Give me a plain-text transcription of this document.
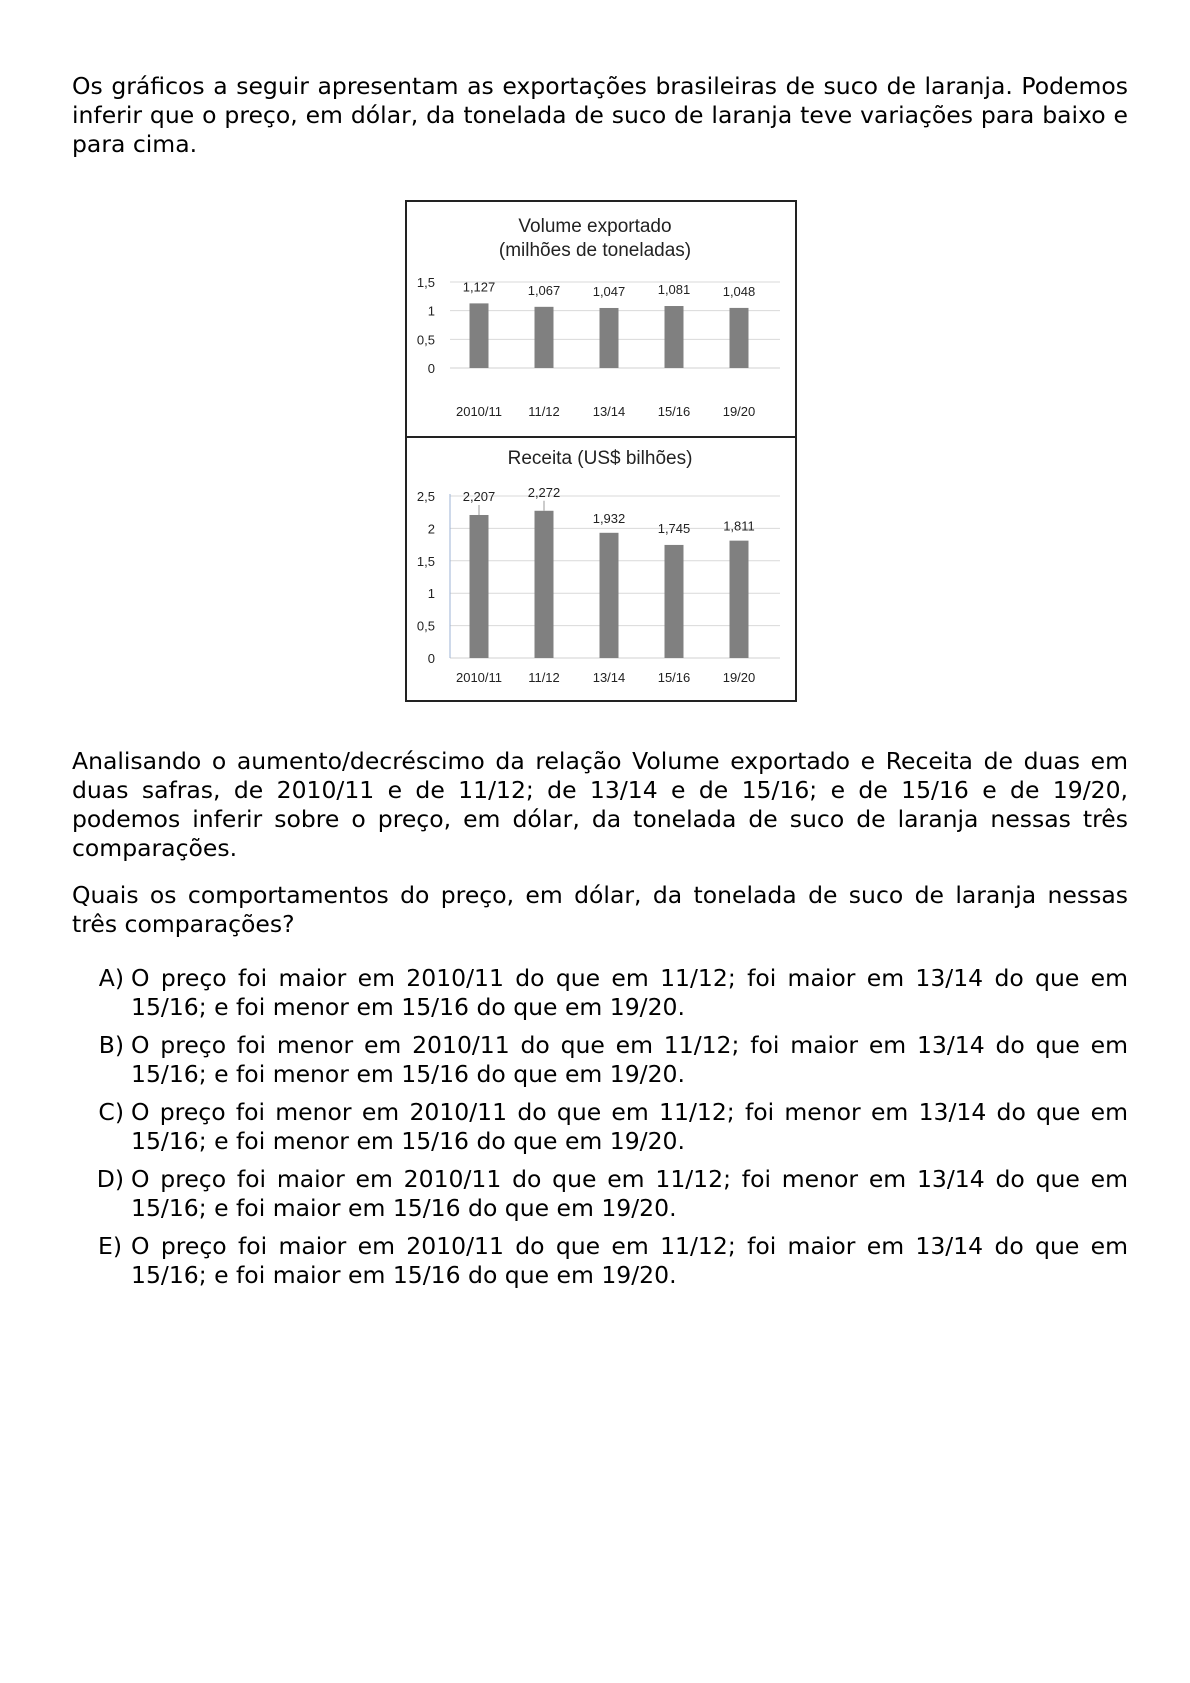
Os gráficos a seguir apresentam as exportações brasileiras de suco de laranja. Podemos inferir que o preço, em dólar, da tonelada de suco de laranja teve variações para baixo e para cima.

Volume exportado
(milhões de toneladas)
0
0,5
1
1,5 1,127
2010/11
1,067
11/12
1,047
13/14
1,081
15/16
1,048
19/20
Receita (US$ bilhões)
0
0,5
1
1,5
2
2,5 2,207
2010/11
2,272
11/12
1,932
13/14
1,745
15/16
1,811
19/20

Analisando o aumento/decréscimo da relação Volume exportado e Receita de duas em duas safras, de 2010/11 e de 11/12; de 13/14 e de 15/16; e de 15/16 e de 19/20, podemos inferir sobre o preço, em dólar, da tonelada de suco de laranja nessas três comparações.

Quais os comportamentos do preço, em dólar, da tonelada de suco de laranja nessas três comparações?

A) O preço foi maior em 2010/11 do que em 11/12; foi maior em 13/14 do que em 15/16; e foi menor em 15/16 do que em 19/20.
B) O preço foi menor em 2010/11 do que em 11/12; foi maior em 13/14 do que em 15/16; e foi menor em 15/16 do que em 19/20.
C) O preço foi menor em 2010/11 do que em 11/12; foi menor em 13/14 do que em 15/16; e foi menor em 15/16 do que em 19/20.
D) O preço foi maior em 2010/11 do que em 11/12; foi menor em 13/14 do que em 15/16; e foi maior em 15/16 do que em 19/20.
E) O preço foi maior em 2010/11 do que em 11/12; foi maior em 13/14 do que em 15/16; e foi maior em 15/16 do que em 19/20.
